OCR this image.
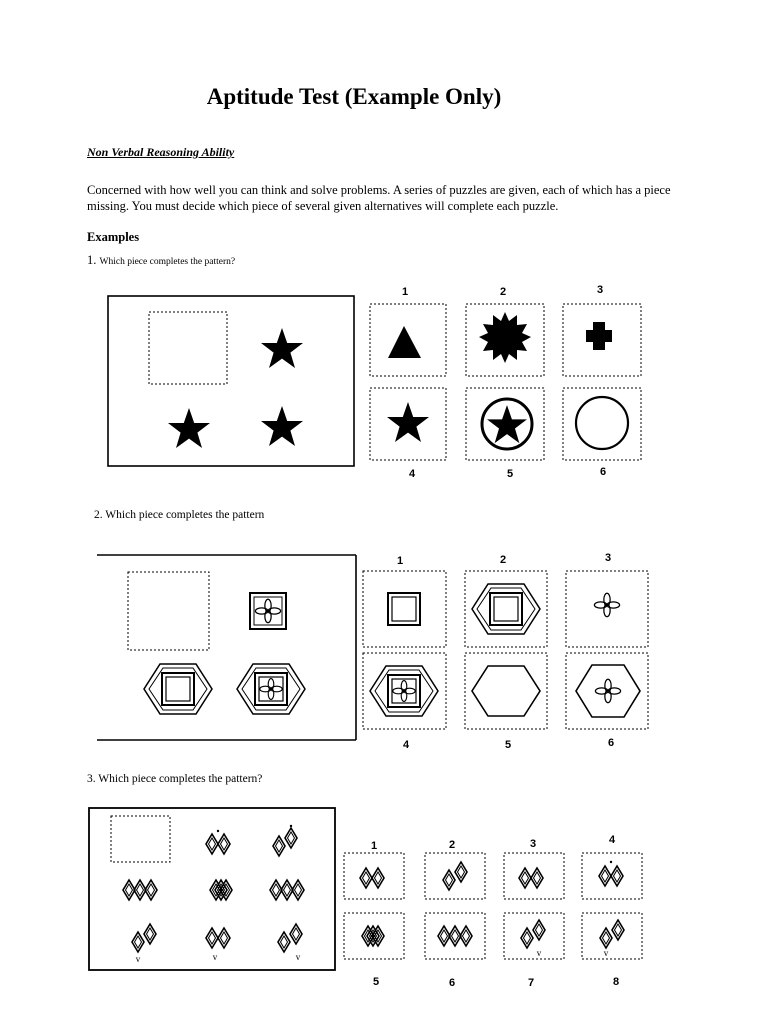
Aptitude Test (Example Only)
Non Verbal Reasoning Ability
Concerned with how well you can think and solve problems. A series of puzzles are given, each of which has a piece missing. You must decide which piece of several given alternatives will complete each puzzle.
Examples
1. Which piece completes the pattern?
1	2	3
4	5	6
2. Which piece completes the pattern
1	2	3
4	5	6
3. Which piece completes the pattern?
v	v	v	v	v
1	2	3	4
5	6	7	8
